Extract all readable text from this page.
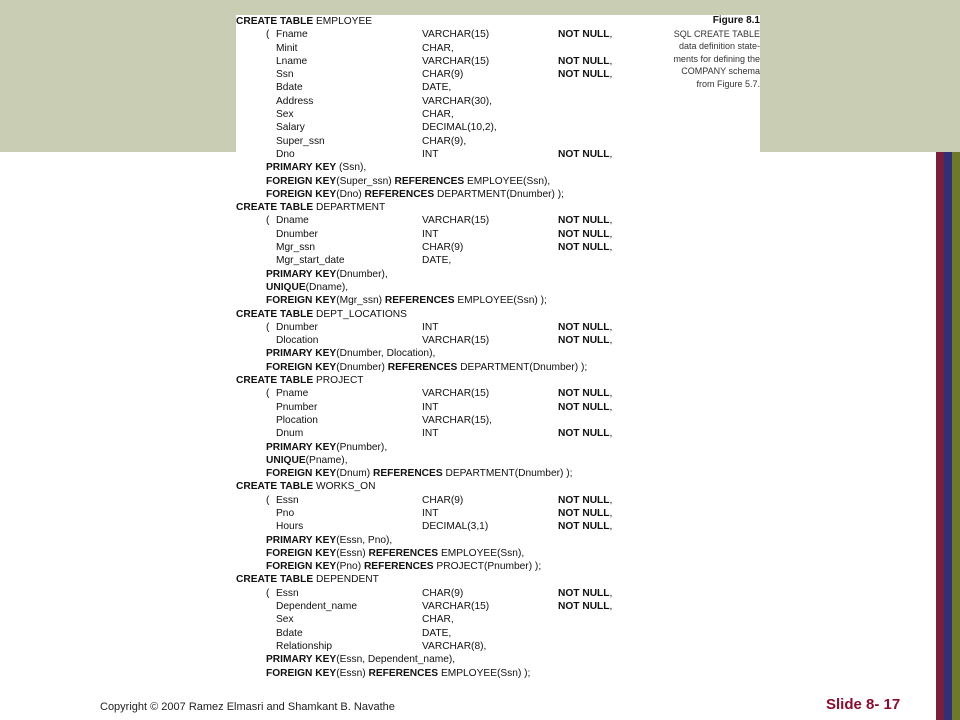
CREATE TABLE EMPLOYEE
( Fname	VARCHAR(15)	NOT NULL,
Minit	CHAR,
Lname	VARCHAR(15)	NOT NULL,
Ssn	CHAR(9)	NOT NULL,
Bdate	DATE,
Address	VARCHAR(30),
Sex	CHAR,
Salary	DECIMAL(10,2),
Super_ssn	CHAR(9),
Dno	INT	NOT NULL,
PRIMARY KEY (Ssn),
FOREIGN KEY(Super_ssn) REFERENCES EMPLOYEE(Ssn),
FOREIGN KEY(Dno) REFERENCES DEPARTMENT(Dnumber) );
CREATE TABLE DEPARTMENT
( Dname	VARCHAR(15)	NOT NULL,
Dnumber	INT	NOT NULL,
Mgr_ssn	CHAR(9)	NOT NULL,
Mgr_start_date	DATE,
PRIMARY KEY(Dnumber),
UNIQUE(Dname),
FOREIGN KEY(Mgr_ssn) REFERENCES EMPLOYEE(Ssn) );
CREATE TABLE DEPT_LOCATIONS
( Dnumber	INT	NOT NULL,
Dlocation	VARCHAR(15)	NOT NULL,
PRIMARY KEY(Dnumber, Dlocation),
FOREIGN KEY(Dnumber) REFERENCES DEPARTMENT(Dnumber) );
CREATE TABLE PROJECT
( Pname	VARCHAR(15)	NOT NULL,
Pnumber	INT	NOT NULL,
Plocation	VARCHAR(15),
Dnum	INT	NOT NULL,
PRIMARY KEY(Pnumber),
UNIQUE(Pname),
FOREIGN KEY(Dnum) REFERENCES DEPARTMENT(Dnumber) );
CREATE TABLE WORKS_ON
( Essn	CHAR(9)	NOT NULL,
Pno	INT	NOT NULL,
Hours	DECIMAL(3,1)	NOT NULL,
PRIMARY KEY(Essn, Pno),
FOREIGN KEY(Essn) REFERENCES EMPLOYEE(Ssn),
FOREIGN KEY(Pno) REFERENCES PROJECT(Pnumber) );
CREATE TABLE DEPENDENT
( Essn	CHAR(9)	NOT NULL,
Dependent_name	VARCHAR(15)	NOT NULL,
Sex	CHAR,
Bdate	DATE,
Relationship	VARCHAR(8),
PRIMARY KEY(Essn, Dependent_name),
FOREIGN KEY(Essn) REFERENCES EMPLOYEE(Ssn) );
Figure 8.1
SQL CREATE TABLE
data definition state-
ments for defining the
COMPANY schema
from Figure 5.7.
Copyright © 2007 Ramez Elmasri and Shamkant B. Navathe	Slide 8- 17
